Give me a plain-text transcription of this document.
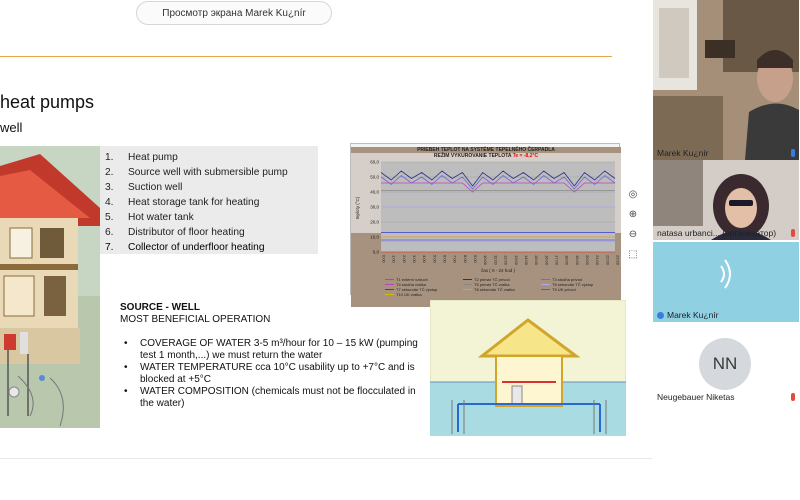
Просмотр экрана Marek Ku¿nír
heat pumps
well
1. Heat pump
2. Source well with submersible pump
3. Suction well
4. Heat storage tank for heating
5. Hot water tank
6. Distributor of floor heating
7. Collector of underfloor heating
PRIEBEH TEPLOT NA SYSTÉME TEPELNÉHO ČERPADLA
REŽIM VYKUROVANIE TEPLOTA Te = -8,2°C
60,0
50,0
40,0
30,0
20,0
10,0
0,0
0:00 1:00 2:00 3:00 4:00 5:00 6:00 7:00 8:00 9:00 10:00 11:00 12:00 13:00 14:00 15:00 16:00 17:00 18:00 19:00 20:00 21:00 22:00 23:00
teploty (°C)
čas ( 0 - 24 hod )
T1 externí vzduch	T2 primár TČ prívod	T3 studňa prívod
T4 studňa vratka	T5 primár TČ vratka	T6 sekundár TČ výstup
T7 sekundár TČ výstup	T8 sekundár TČ vratka	T9 ÚK prívod
T10 ÚK vratka
◎
⊕
⊖
⬚
SOURCE - WELL
MOST BENEFICIAL OPERATION
• COVERAGE OF WATER 3-5 m³/hour for 10 – 15 kW (pumping test 1 month,...) we must return the water
• WATER TEMPERATURE cca 10°C usability up to +7°C and is blocked at +5°C
• WATER COMPOSITION (chemicals must not be flocculated in the water)
Marek Ku¿nír
natasa urbanci... (организатор)
Marek Ku¿nír
NN
Neugebauer Niketas
